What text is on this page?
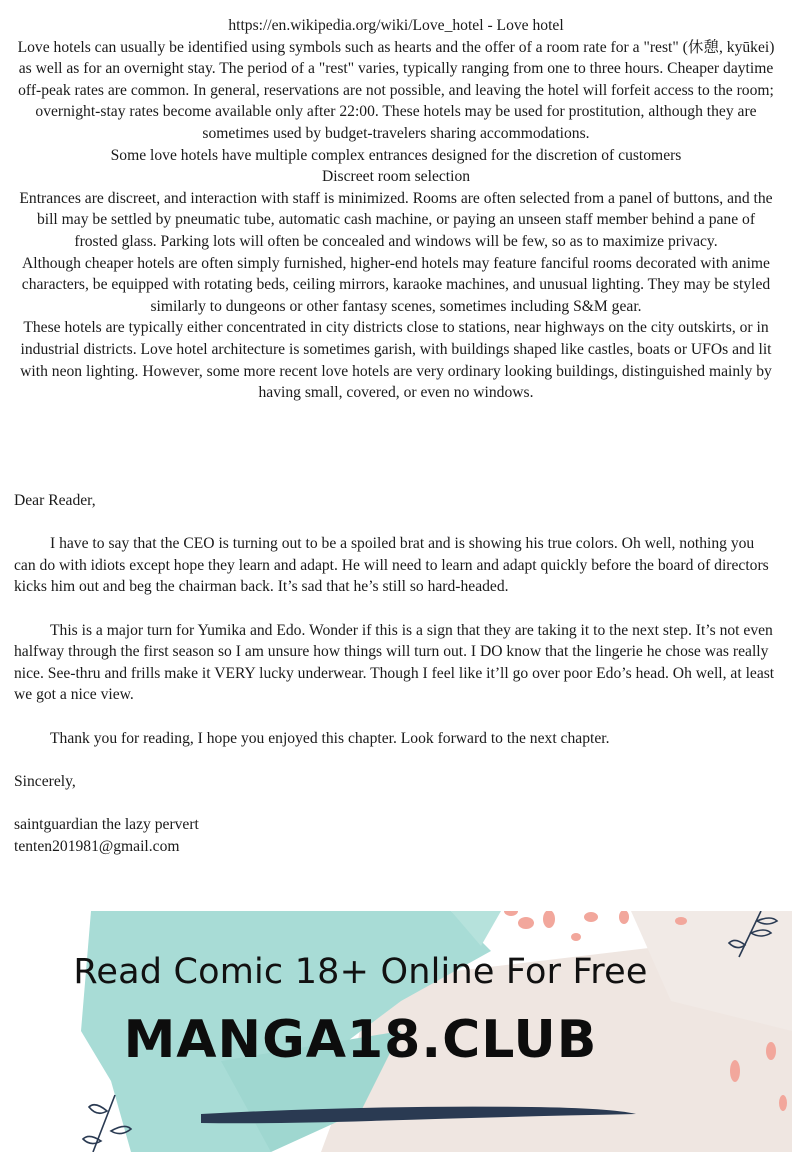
https://en.wikipedia.org/wiki/Love_hotel - Love hotel

Love hotels can usually be identified using symbols such as hearts and the offer of a room rate for a "rest" (休憩, kyūkei) as well as for an overnight stay. The period of a "rest" varies, typically ranging from one to three hours. Cheaper daytime off-peak rates are common. In general, reservations are not possible, and leaving the hotel will forfeit access to the room; overnight-stay rates become available only after 22:00. These hotels may be used for prostitution, although they are sometimes used by budget-travelers sharing accommodations.

Some love hotels have multiple complex entrances designed for the discretion of customers

Discreet room selection

Entrances are discreet, and interaction with staff is minimized. Rooms are often selected from a panel of buttons, and the bill may be settled by pneumatic tube, automatic cash machine, or paying an unseen staff member behind a pane of frosted glass. Parking lots will often be concealed and windows will be few, so as to maximize privacy.

Although cheaper hotels are often simply furnished, higher-end hotels may feature fanciful rooms decorated with anime characters, be equipped with rotating beds, ceiling mirrors, karaoke machines, and unusual lighting. They may be styled similarly to dungeons or other fantasy scenes, sometimes including S&M gear.

These hotels are typically either concentrated in city districts close to stations, near highways on the city outskirts, or in industrial districts. Love hotel architecture is sometimes garish, with buildings shaped like castles, boats or UFOs and lit with neon lighting. However, some more recent love hotels are very ordinary looking buildings, distinguished mainly by having small, covered, or even no windows.

Dear Reader,

I have to say that the CEO is turning out to be a spoiled brat and is showing his true colors. Oh well, nothing you can do with idiots except hope they learn and adapt. He will need to learn and adapt quickly before the board of directors kicks him out and beg the chairman back. It’s sad that he’s still so hard-headed.

This is a major turn for Yumika and Edo. Wonder if this is a sign that they are taking it to the next step. It’s not even halfway through the first season so I am unsure how things will turn out. I DO know that the lingerie he chose was really nice. See-thru and frills make it VERY lucky underwear. Though I feel like it’ll go over poor Edo’s head. Oh well, at least we got a nice view.

Thank you for reading, I hope you enjoyed this chapter. Look forward to the next chapter.

Sincerely,

saintguardian the lazy pervert

tenten201981@gmail.com

Read Comic 18+ Online For Free
MANGA18.CLUB
